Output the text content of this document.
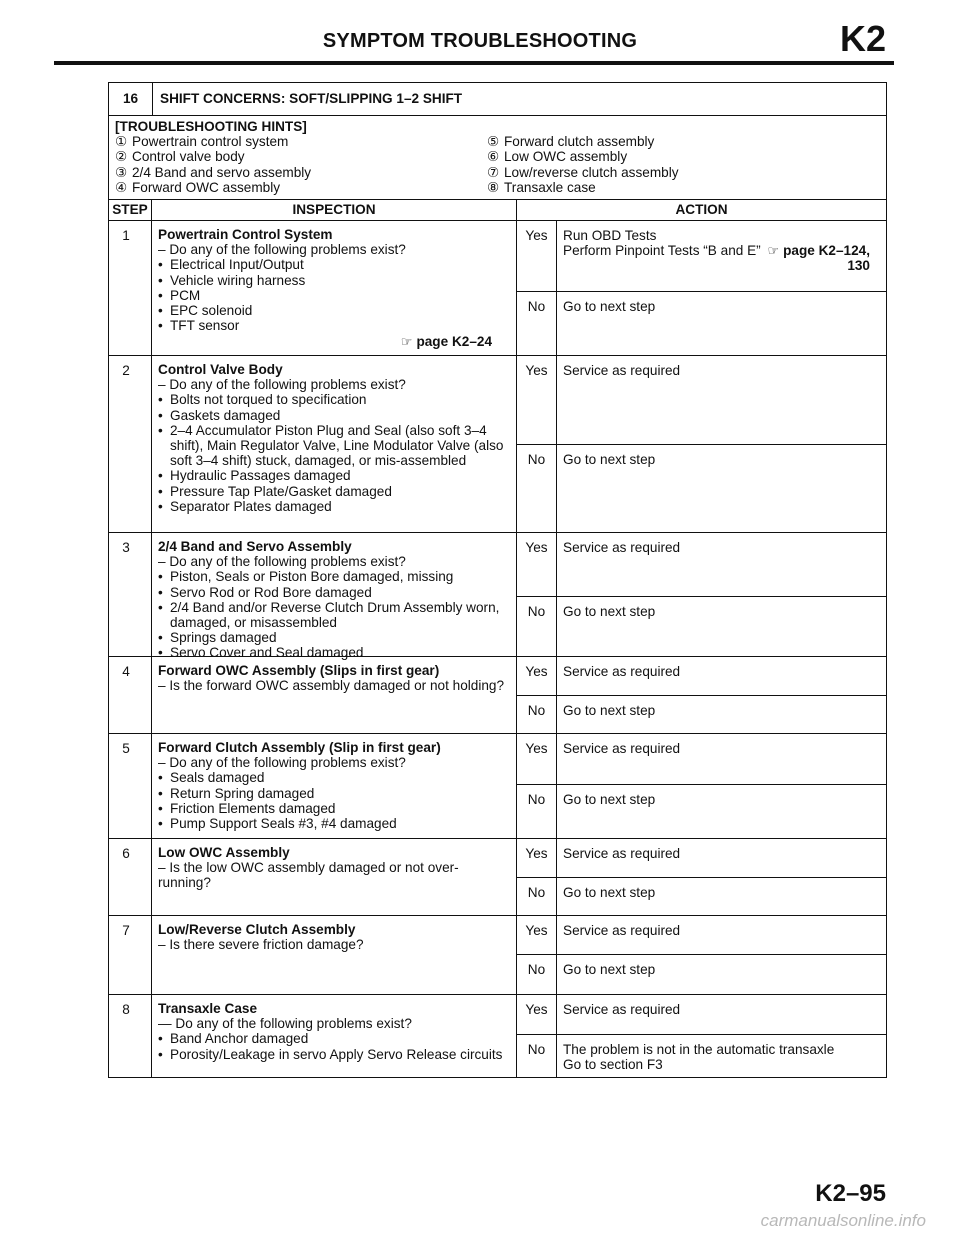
SYMPTOM TROUBLESHOOTING	K2
16	SHIFT CONCERNS: SOFT/SLIPPING 1–2 SHIFT
[TROUBLESHOOTING HINTS]
① Powertrain control system	⑤ Forward clutch assembly
② Control valve body	⑥ Low OWC assembly
③ 2/4 Band and servo assembly	⑦ Low/reverse clutch assembly
④ Forward OWC assembly	⑧ Transaxle case
STEP	INSPECTION	ACTION
1	Powertrain Control System
– Do any of the following problems exist?
• Electrical Input/Output
• Vehicle wiring harness
• PCM
• EPC solenoid
• TFT sensor
☞ page K2–24
Yes	Run OBD Tests
Perform Pinpoint Tests “B and E” ☞ page K2–124,
130
No	Go to next step
2	Control Valve Body
– Do any of the following problems exist?
• Bolts not torqued to specification
• Gaskets damaged
• 2–4 Accumulator Piston Plug and Seal (also soft 3–4 shift), Main Regulator Valve, Line Modulator Valve (also soft 3–4 shift) stuck, damaged, or mis-assembled
• Hydraulic Passages damaged
• Pressure Tap Plate/Gasket damaged
• Separator Plates damaged
Yes	Service as required
No	Go to next step
3	2/4 Band and Servo Assembly
– Do any of the following problems exist?
• Piston, Seals or Piston Bore damaged, missing
• Servo Rod or Rod Bore damaged
• 2/4 Band and/or Reverse Clutch Drum Assembly worn, damaged, or misassembled
• Springs damaged
• Servo Cover and Seal damaged
Yes	Service as required
No	Go to next step
4	Forward OWC Assembly (Slips in first gear)
– Is the forward OWC assembly damaged or not holding?
Yes	Service as required
No	Go to next step
5	Forward Clutch Assembly (Slip in first gear)
– Do any of the following problems exist?
• Seals damaged
• Return Spring damaged
• Friction Elements damaged
• Pump Support Seals #3, #4 damaged
Yes	Service as required
No	Go to next step
6	Low OWC Assembly
– Is the low OWC assembly damaged or not over-running?
Yes	Service as required
No	Go to next step
7	Low/Reverse Clutch Assembly
– Is there severe friction damage?
Yes	Service as required
No	Go to next step
8	Transaxle Case
— Do any of the following problems exist?
• Band Anchor damaged
• Porosity/Leakage in servo Apply Servo Release circuits
Yes	Service as required
No	The problem is not in the automatic transaxle
Go to section F3
K2–95
carmanualsonline.info
